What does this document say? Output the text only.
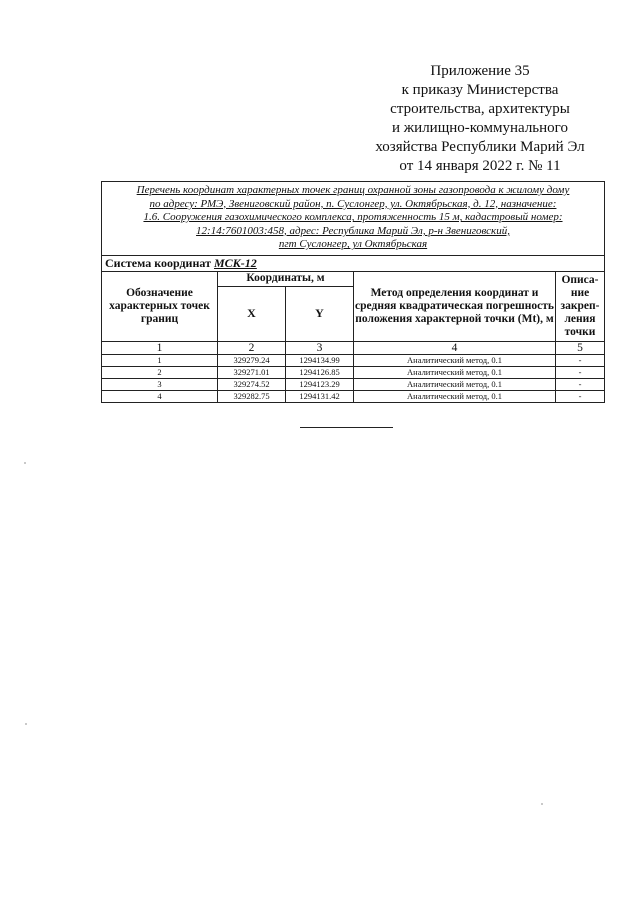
Приложение 35
к приказу Министерства
строительства, архитектуры
и жилищно-коммунального
хозяйства Республики Марий Эл
от 14 января 2022 г. № 11
Перечень координат характерных точек границ охранной зоны газопровода к жилому дому
по адресу: РМЭ, Звениговский район, п. Суслонгер, ул. Октябрьская, д. 12, назначение:
1.6. Сооружения газохимического комплекса, протяженность 15 м, кадастровый номер:
12:14:7601003:458, адрес: Республика Марий Эл, р-н Звениговский,
пгт Суслонгер, ул Октябрьская				

Система координат МСК-12				
Обозначение характерных точек границ	Координаты, м		Метод определения координат и средняя квадратическая погрешность положения характерной точки (Mt), м	Описа-ние закреп-ления точки
	X	Y		
1	2	3	4	5
1	329279.24	1294134.99	Аналитический метод, 0.1	-
2	329271.01	1294126.85	Аналитический метод, 0.1	-
3	329274.52	1294123.29	Аналитический метод, 0.1	-
4	329282.75	1294131.42	Аналитический метод, 0.1	-
